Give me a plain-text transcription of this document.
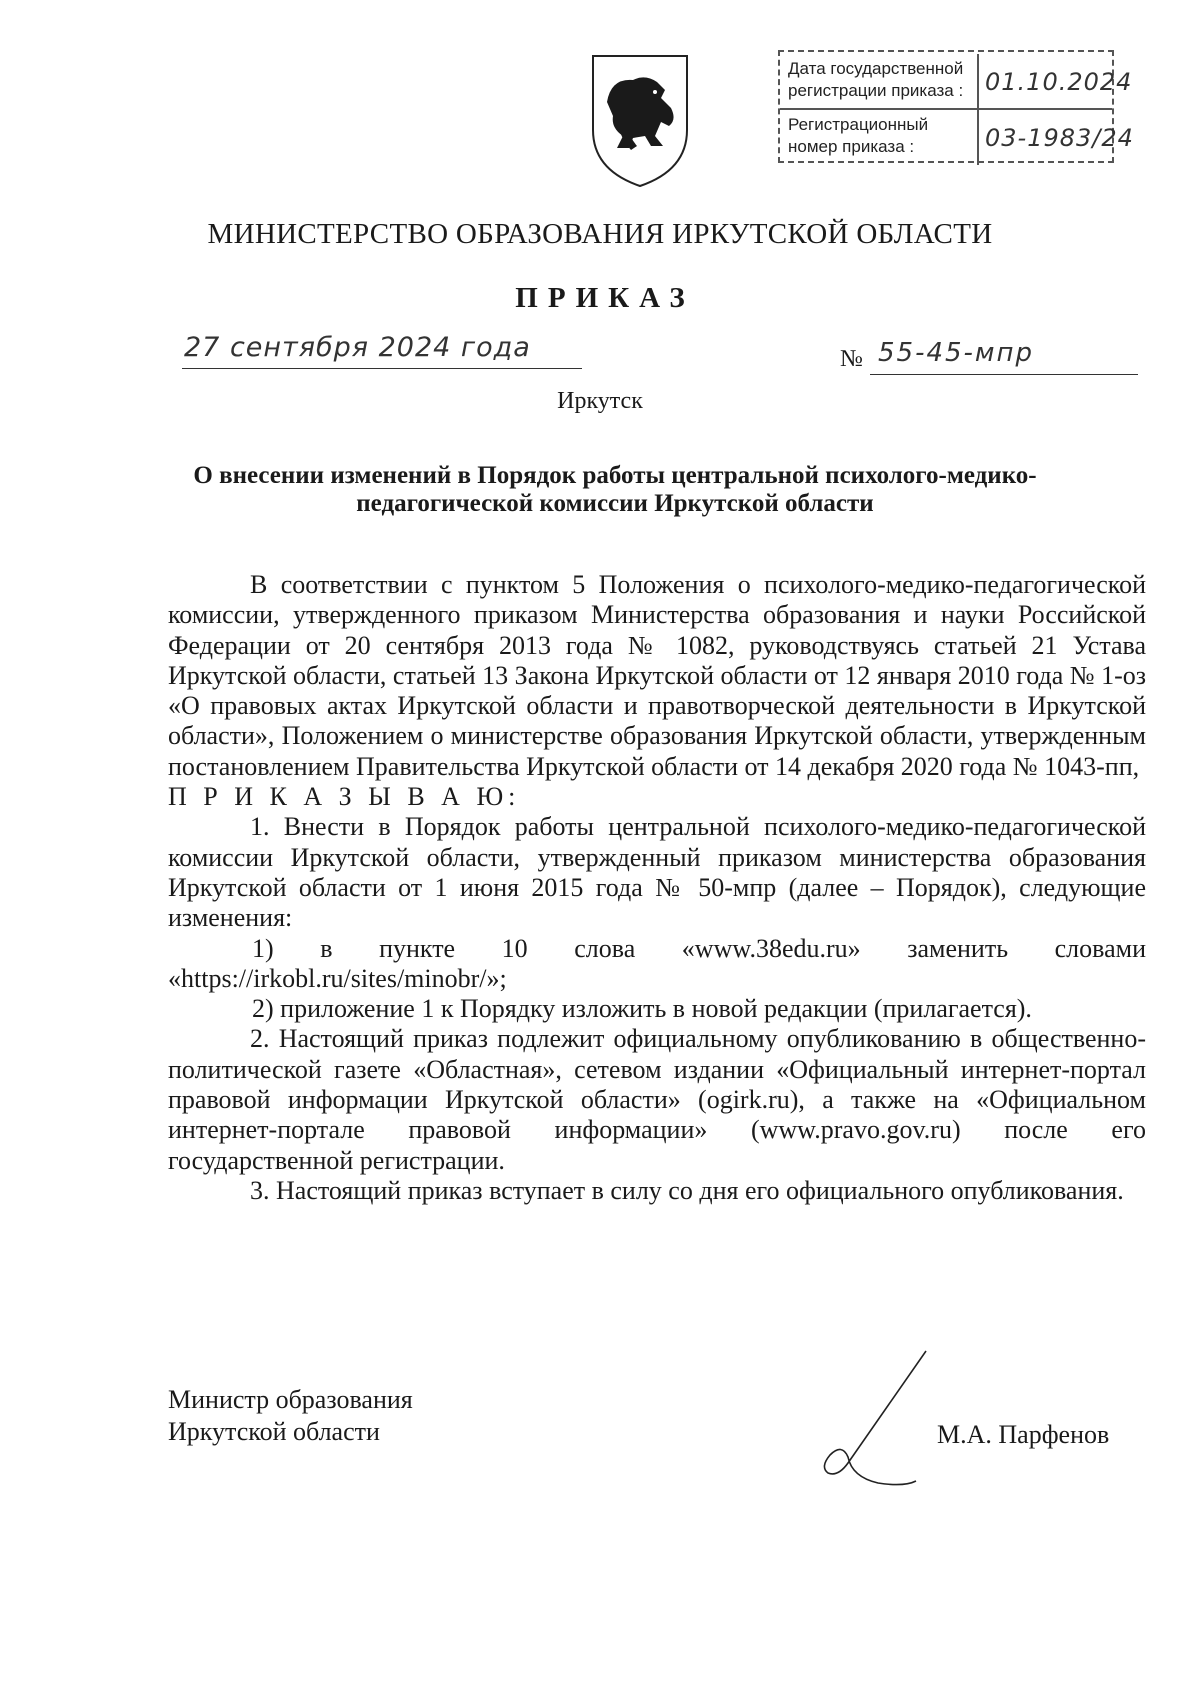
Дата государственной регистрации приказа : 01.10.2024
Регистрационный номер приказа :	03-1983/24
МИНИСТЕРСТВО ОБРАЗОВАНИЯ ИРКУТСКОЙ ОБЛАСТИ
ПРИКАЗ
27 сентября 2024 года	№ 55-45-мпр
Иркутск
О внесении изменений в Порядок работы центральной психолого-медико-педагогической комиссии Иркутской области

В соответствии с пунктом 5 Положения о психолого-медико-педагогической комиссии, утвержденного приказом Министерства образования и науки Российской Федерации от 20 сентября 2013 года № 1082, руководствуясь статьей 21 Устава Иркутской области, статьей 13 Закона Иркутской области от 12 января 2010 года № 1-оз «О правовых актах Иркутской области и правотворческой деятельности в Иркутской области», Положением о министерстве образования Иркутской области, утвержденным постановлением Правительства Иркутской области от 14 декабря 2020 года № 1043-пп,

П Р И К А З Ы В А Ю:

1. Внести в Порядок работы центральной психолого-медико-педагогической комиссии Иркутской области, утвержденный приказом министерства образования Иркутской области от 1 июня 2015 года № 50-мпр (далее – Порядок), следующие изменения:

1) в пункте 10 слова «www.38edu.ru» заменить словами «https://irkobl.ru/sites/minobr/»;

2) приложение 1 к Порядку изложить в новой редакции (прилагается).

2. Настоящий приказ подлежит официальному опубликованию в общественно-политической газете «Областная», сетевом издании «Официальный интернет-портал правовой информации Иркутской области» (ogirk.ru), а также на «Официальном интернет-портале правовой информации» (www.pravo.gov.ru) после его государственной регистрации.

3. Настоящий приказ вступает в силу со дня его официального опубликования.

Министр образования
Иркутской области	М.А. Парфенов
